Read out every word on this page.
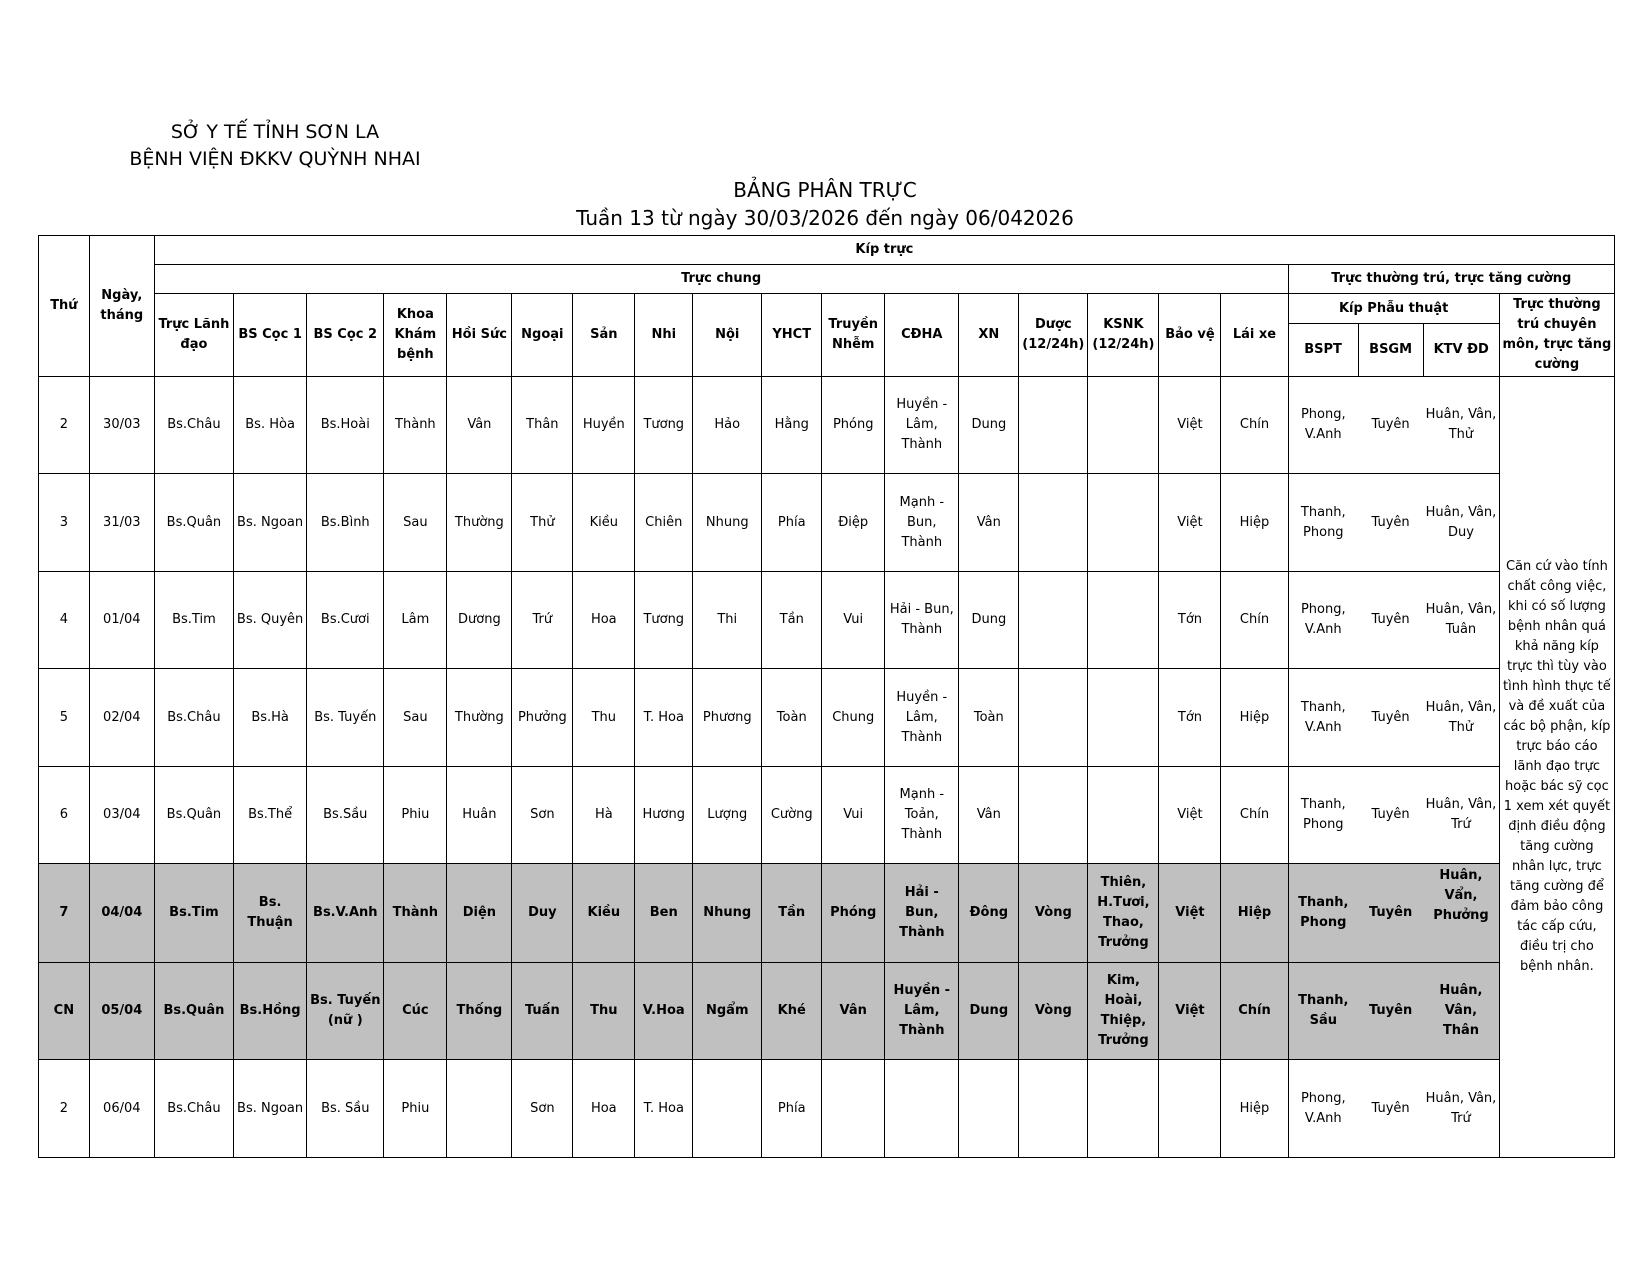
SỞ Y TẾ TỈNH SƠN LA
BỆNH VIỆN ĐKKV QUỲNH NHAI
BẢNG PHÂN TRỰC
Tuần 13 từ ngày 30/03/2026 đến ngày 06/042026
Thứ	Ngày, tháng	Kíp trực																				
		Trực chung																	Trực thường trú, trực tăng cường			
		Trực Lãnh đạo	BS Cọc 1	BS Cọc 2	Khoa Khám bệnh	Hồi Sức	Ngoại	Sản	Nhi	Nội	YHCT	Truyền Nhễm	CĐHA	XN	Dược (12/24h)	KSNK (12/24h)	Bảo vệ	Lái xe	Kíp Phẫu thuật			Trực thường trú chuyên môn, trực tăng cường
																			BSPT	BSGM	KTV ĐD	
2	30/03	Bs.Châu	Bs. Hòa	Bs.Hoài	Thành	Vân	Thân	Huyền	Tương	Hảo	Hằng	Phóng	Huyền - Lâm, Thành	Dung			Việt	Chín	Phong, V.Anh	Tuyên	Huân, Vân, Thử	Căn cứ vào tính chất công việc, khi có số lượng bệnh nhân quá khả năng kíp trực thì tùy vào tình hình thực tế và đề xuất của các bộ phận, kíp trực báo cáo lãnh đạo trực hoặc bác sỹ cọc 1 xem xét quyết định điều động tăng cường nhân lực, trực tăng cường để đảm bảo công tác cấp cứu, điều trị cho bệnh nhân.
3	31/03	Bs.Quân	Bs. Ngoan	Bs.Bình	Sau	Thường	Thử	Kiều	Chiên	Nhung	Phía	Điệp	Mạnh - Bun, Thành	Vân			Việt	Hiệp	Thanh, Phong	Tuyên	Huân, Vân, Duy	
4	01/04	Bs.Tim	Bs. Quyên	Bs.Cươi	Lâm	Dương	Trứ	Hoa	Tương	Thi	Tần	Vui	Hải - Bun, Thành	Dung			Tớn	Chín	Phong, V.Anh	Tuyên	Huân, Vân, Tuân	
5	02/04	Bs.Châu	Bs.Hà	Bs. Tuyến	Sau	Thường	Phưởng	Thu	T. Hoa	Phương	Toàn	Chung	Huyền - Lâm, Thành	Toàn			Tớn	Hiệp	Thanh, V.Anh	Tuyên	Huân, Vân, Thử	
6	03/04	Bs.Quân	Bs.Thể	Bs.Sầu	Phiu	Huân	Sơn	Hà	Hương	Lượng	Cường	Vui	Mạnh - Toản, Thành	Vân			Việt	Chín	Thanh, Phong	Tuyên	Huân, Vân, Trứ	
7	04/04	Bs.Tim	Bs. Thuận	Bs.V.Anh	Thành	Diện	Duy	Kiều	Ben	Nhung	Tần	Phóng	Hải - Bun, Thành	Đông	Vòng	Thiên, H.Tươi, Thao, Trưởng	Việt	Hiệp	Thanh, Phong	Tuyên	Huân, Vẩn, Phưởng	
CN	05/04	Bs.Quân	Bs.Hồng	Bs. Tuyến (nữ )	Cúc	Thống	Tuấn	Thu	V.Hoa	Ngẩm	Khé	Vân	Huyền - Lâm, Thành	Dung	Vòng	Kim, Hoài, Thiệp, Trưởng	Việt	Chín	Thanh, Sầu	Tuyên	Huân, Vân, Thân	
2	06/04	Bs.Châu	Bs. Ngoan	Bs. Sầu	Phiu		Sơn	Hoa	T. Hoa		Phía							Hiệp	Phong, V.Anh	Tuyên	Huân, Vân, Trứ	
